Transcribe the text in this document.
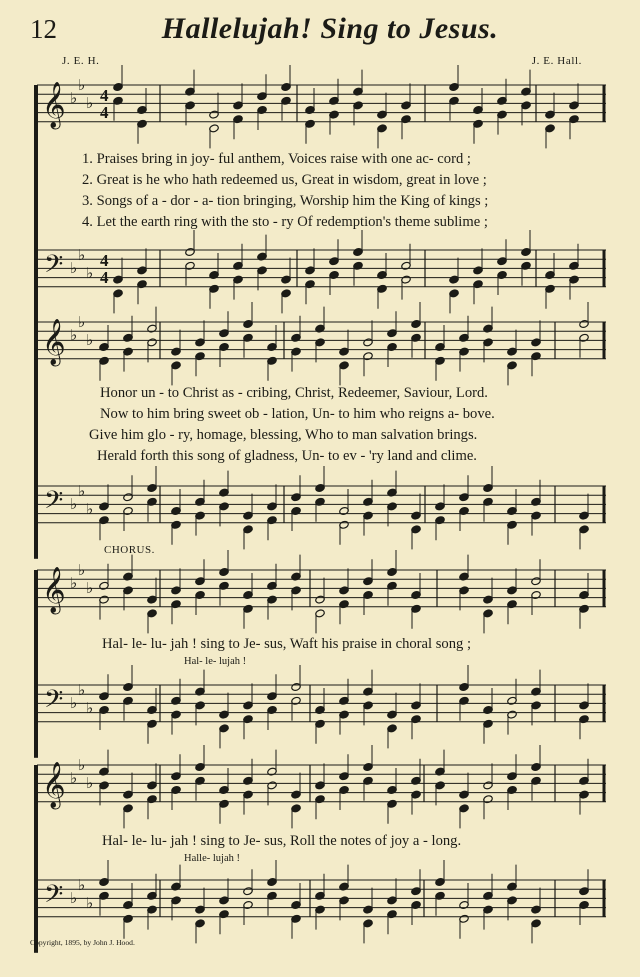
12	Hallelujah! Sing to Jesus.
J. E. H.	J. E. Hall.
𝄞 ♭
♭
♭ 4
4
𝄢 ♭
♭
♭
4
4
𝄞 ♭
♭
♭
𝄢 ♭
♭
♭
𝄞 ♭
♭
♭
𝄢 ♭
♭
♭
𝄞 ♭
♭
♭
𝄢 ♭
♭
♭
1. Praises bring in joy- ful anthem, Voices raise with one ac- cord ;
2. Great is he who hath redeemed us, Great in wisdom, great in love ;
3. Songs of a - dor - a- tion bringing, Worship him the King of kings ;
4. Let the earth ring with the sto - ry Of redemption's theme sublime ;
Honor un - to Christ as - cribing, Christ, Redeemer, Saviour, Lord.
Now to him bring sweet ob - lation, Un- to him who reigns a- bove.
Give him glo - ry, homage, blessing, Who to man salvation brings.
Herald forth this song of gladness, Un- to ev - 'ry land and clime.
CHORUS.
Hal- le- lu- jah ! sing to Je- sus, Waft his praise in choral song ;
Hal- le- lujah !
Hal- le- lu- jah ! sing to Je- sus, Roll the notes of joy a - long.
Halle- lujah !
Copyright, 1895, by John J. Hood.
